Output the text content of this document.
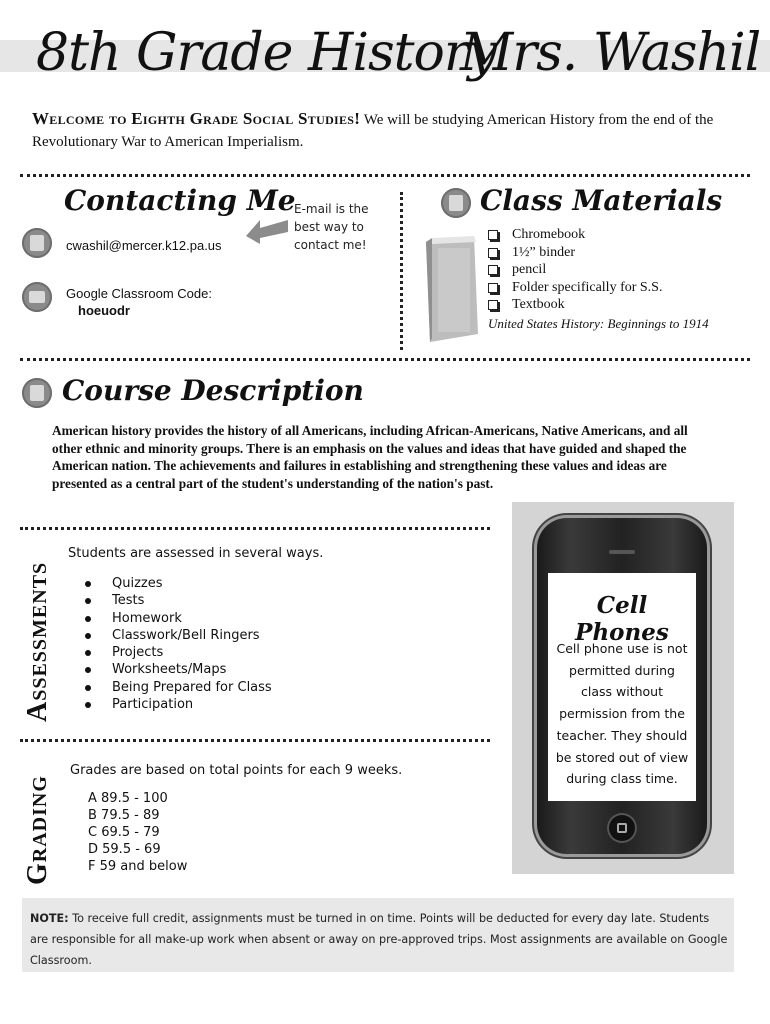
8th Grade History
Mrs. Washil
Welcome to Eighth Grade Social Studies! We will be studying American History from the end of the Revolutionary War to American Imperialism.
Contacting Me
cwashil@mercer.k12.pa.us
E-mail is the best way to contact me!
Google Classroom Code:
hoeuodr
Class Materials
Chromebook
1½” binder
pencil
Folder specifically for S.S.
Textbook
United States History: Beginnings to 1914
Course Description
American history provides the history of all Americans, including African-Americans, Native Americans, and all other ethnic and minority groups. There is an emphasis on the values and ideas that have guided and shaped the American nation. The achievements and failures in establishing and strengthening these values and ideas are presented as a central part of the student's understanding of the nation's past.
Assessments
Students are assessed in several ways.
Quizzes
Tests
Homework
Classwork/Bell Ringers
Projects
Worksheets/Maps
Being Prepared for Class
Participation
Grading
Grades are based on total points for each 9 weeks.
A 89.5 - 100
B 79.5 - 89
C 69.5 - 79
D 59.5 - 69
F 59 and below
Cell Phones
Cell phone use is not permitted during class without permission from the teacher. They should be stored out of view during class time.
NOTE: To receive full credit, assignments must be turned in on time. Points will be deducted for every day late. Students are responsible for all make-up work when absent or away on pre-approved trips. Most assignments are available on Google Classroom.
